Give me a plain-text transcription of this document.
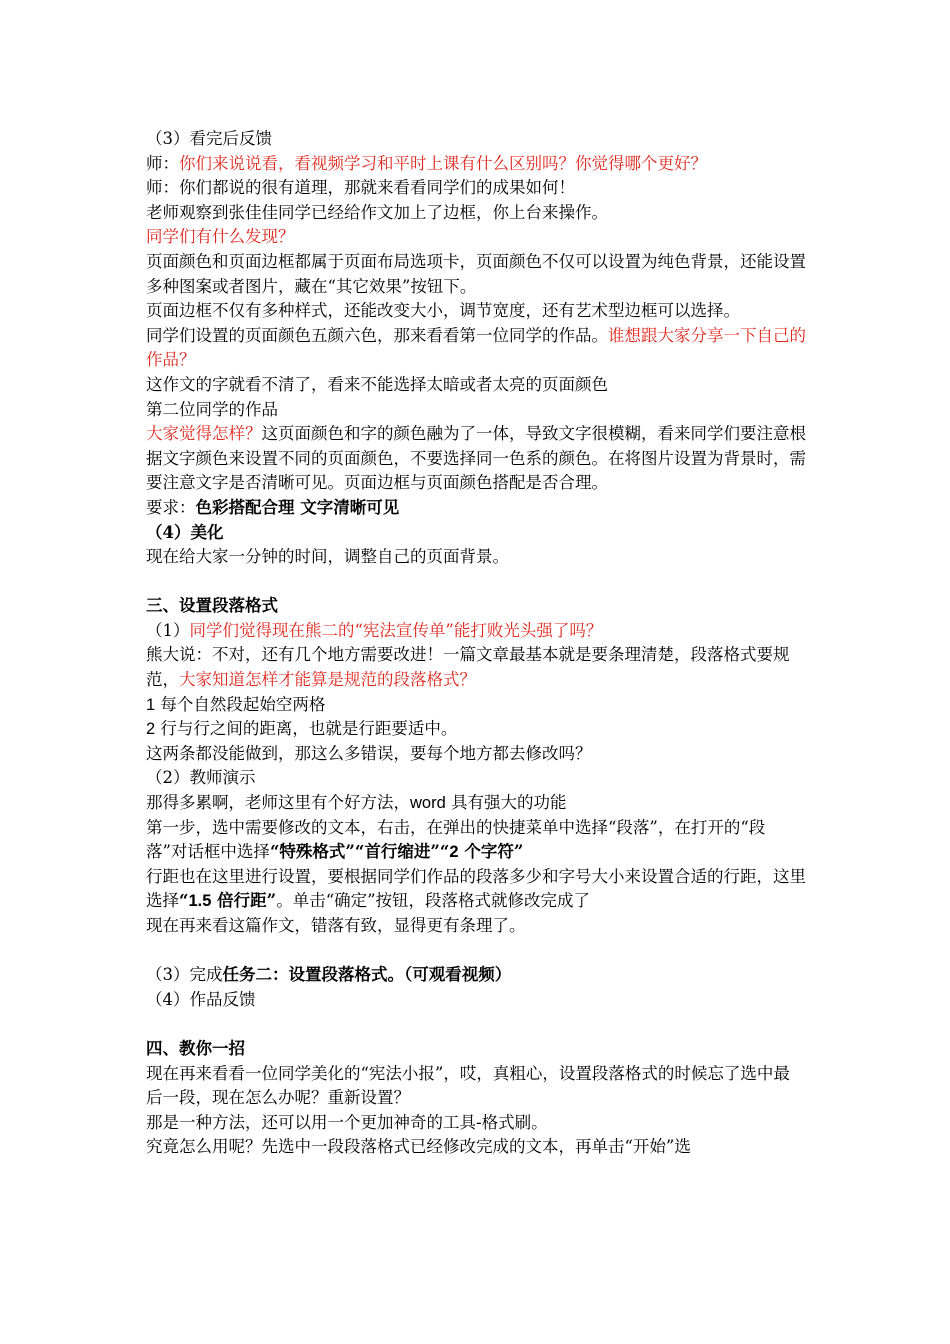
（3）看完后反馈

师：你们来说说看，看视频学习和平时上课有什么区别吗？你觉得哪个更好？

师：你们都说的很有道理，那就来看看同学们的成果如何！

老师观察到张佳佳同学已经给作文加上了边框，你上台来操作。

同学们有什么发现？

页面颜色和页面边框都属于页面布局选项卡，页面颜色不仅可以设置为纯色背景，还能设置多种图案或者图片，藏在“其它效果”按钮下。

页面边框不仅有多种样式，还能改变大小，调节宽度，还有艺术型边框可以选择。

同学们设置的页面颜色五颜六色，那来看看第一位同学的作品。谁想跟大家分享一下自己的作品？

这作文的字就看不清了，看来不能选择太暗或者太亮的页面颜色

第二位同学的作品

大家觉得怎样？这页面颜色和字的颜色融为了一体，导致文字很模糊，看来同学们要注意根据文字颜色来设置不同的页面颜色，不要选择同一色系的颜色。在将图片设置为背景时，需要注意文字是否清晰可见。页面边框与页面颜色搭配是否合理。

要求：色彩搭配合理 文字清晰可见

（4）美化

现在给大家一分钟的时间，调整自己的页面背景。

三、设置段落格式

（1）同学们觉得现在熊二的“宪法宣传单”能打败光头强了吗？

熊大说：不对，还有几个地方需要改进！一篇文章最基本就是要条理清楚，段落格式要规范，大家知道怎样才能算是规范的段落格式？

1 每个自然段起始空两格

2 行与行之间的距离，也就是行距要适中。

这两条都没能做到，那这么多错误，要每个地方都去修改吗？

（2）教师演示

那得多累啊，老师这里有个好方法，word 具有强大的功能

第一步，选中需要修改的文本，右击，在弹出的快捷菜单中选择“段落”，在打开的“段落”对话框中选择“特殊格式”“首行缩进”“2 个字符”

行距也在这里进行设置，要根据同学们作品的段落多少和字号大小来设置合适的行距，这里选择“1.5 倍行距”。单击“确定”按钮，段落格式就修改完成了

现在再来看这篇作文，错落有致，显得更有条理了。

（3）完成任务二：设置段落格式。（可观看视频）

（4）作品反馈

四、教你一招

现在再来看看一位同学美化的“宪法小报”，哎，真粗心，设置段落格式的时候忘了选中最后一段，现在怎么办呢？重新设置？

那是一种方法，还可以用一个更加神奇的工具-格式刷。

究竟怎么用呢？先选中一段段落格式已经修改完成的文本，再单击“开始”选
